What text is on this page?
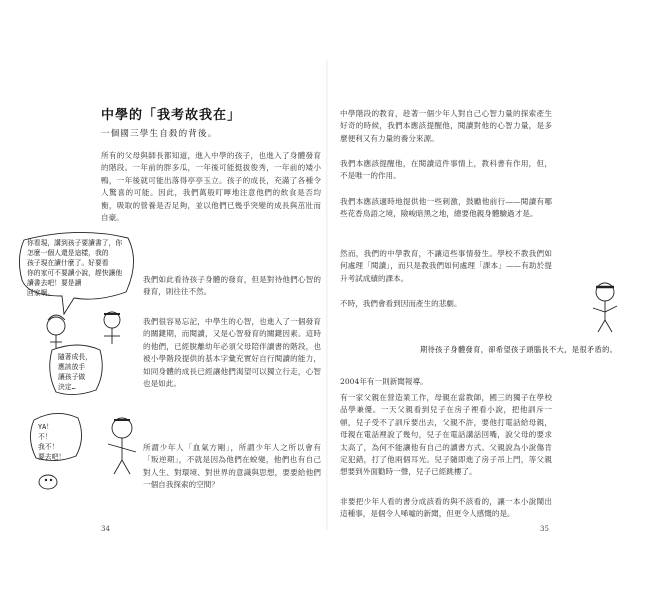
中學的「我考故我在」
一個國三學生自殺的背後。
所有的父母與師長都知道，進入中學的孩子，也進入了身體發育的階段。一年前的胖多瓜，一年後可能挺拔俊秀，一年前的矮小鴨，一年後就可能出落得亭亭玉立。孩子的成長，充滿了各種令人驚喜的可能。因此，我們萬般叮嚀地注意他們的飲食是否均衡，吸取的營養是否足夠，並以他們已幾乎突變的成長與茁壯而自豪。
我們如此看待孩子身體的發育，但是對待他們心智的發育，則往往不然。
我們很容易忘記，中學生的心智，也進入了一個發育的關鍵期，而閱讀，又是心智發育的關鍵因素。這時的他們，已經脫離幼年必須父母陪伴讀書的階段，也被小學階段提供的基本字彙充實好自行閱讀的能力，如同身體的成長已經讓他們渴望可以獨立行走，心智也是如此。
所謂少年人「血氣方剛」，所謂少年人之所以會有「叛逆期」，不就是因為他們在蛻變，他們也有自己對人生、對環境、對世界的意識與思想，要要給他們一個自我探索的空間？
34
你看現，講到孩子要讀書了，你
怎麼一個人還是這樣，我的
孩子現在讀什麼了。好要看
你的家可不要讀小說，趕快讓他
讀書去吧！要是讀
回家啊。
隨著成長，
應該放手
讓孩子做
決定…
YA！
不！
我不！
要去吧！
中學階段的教育，趁著一個少年人對自己心智力量的探索產生好奇的時候，我們本應該提醒他，閱讀對他的心智力量，是多麼便利又有力量的養分來源。
我們本應該提醒他，在閱讀這件事情上，教科書有作用，但，不是唯一的作用。
我們本應該適時地提供他一些刺激，鼓勵他前行——閱讀有哪些花香鳥語之境，險峻暗黑之地，總要他親身體驗過才是。
然而，我們的中學教育，不讓這些事情發生。學校不教我們如何處理「閱讀」，而只是教我們如何處理「課本」——有助於提升考試成績的課本。
不時，我們會看到因而產生的悲劇。
期待孩子身體發育，卻希望孩子頭腦長不大，是很矛盾的。
2004年有一則新聞報導。
有一家父親在營造業工作，母親在當教師，國三的獨子在學校品學兼優。一天父親看到兒子在房子裡看小說，把他訓斥一頓，兒子受不了訓斥要出去，父親不許，要他打電話給母親，母親在電話裡說了幾句，兒子在電話講話回嘴，說父母的要求太高了，為何不能讓他有自己的讀書方式。父親說為小說傷肯定犯錯，打了他兩個耳光。兒子隨即進了房子吊上門，等父親想要到外面勸時一聲，兒子已經跳樓了。
非要把少年人看的書分成該看的與不該看的，讓一本小說鬧出這種事，是個令人唏噓的新聞，但更令人感慨的是。
35
